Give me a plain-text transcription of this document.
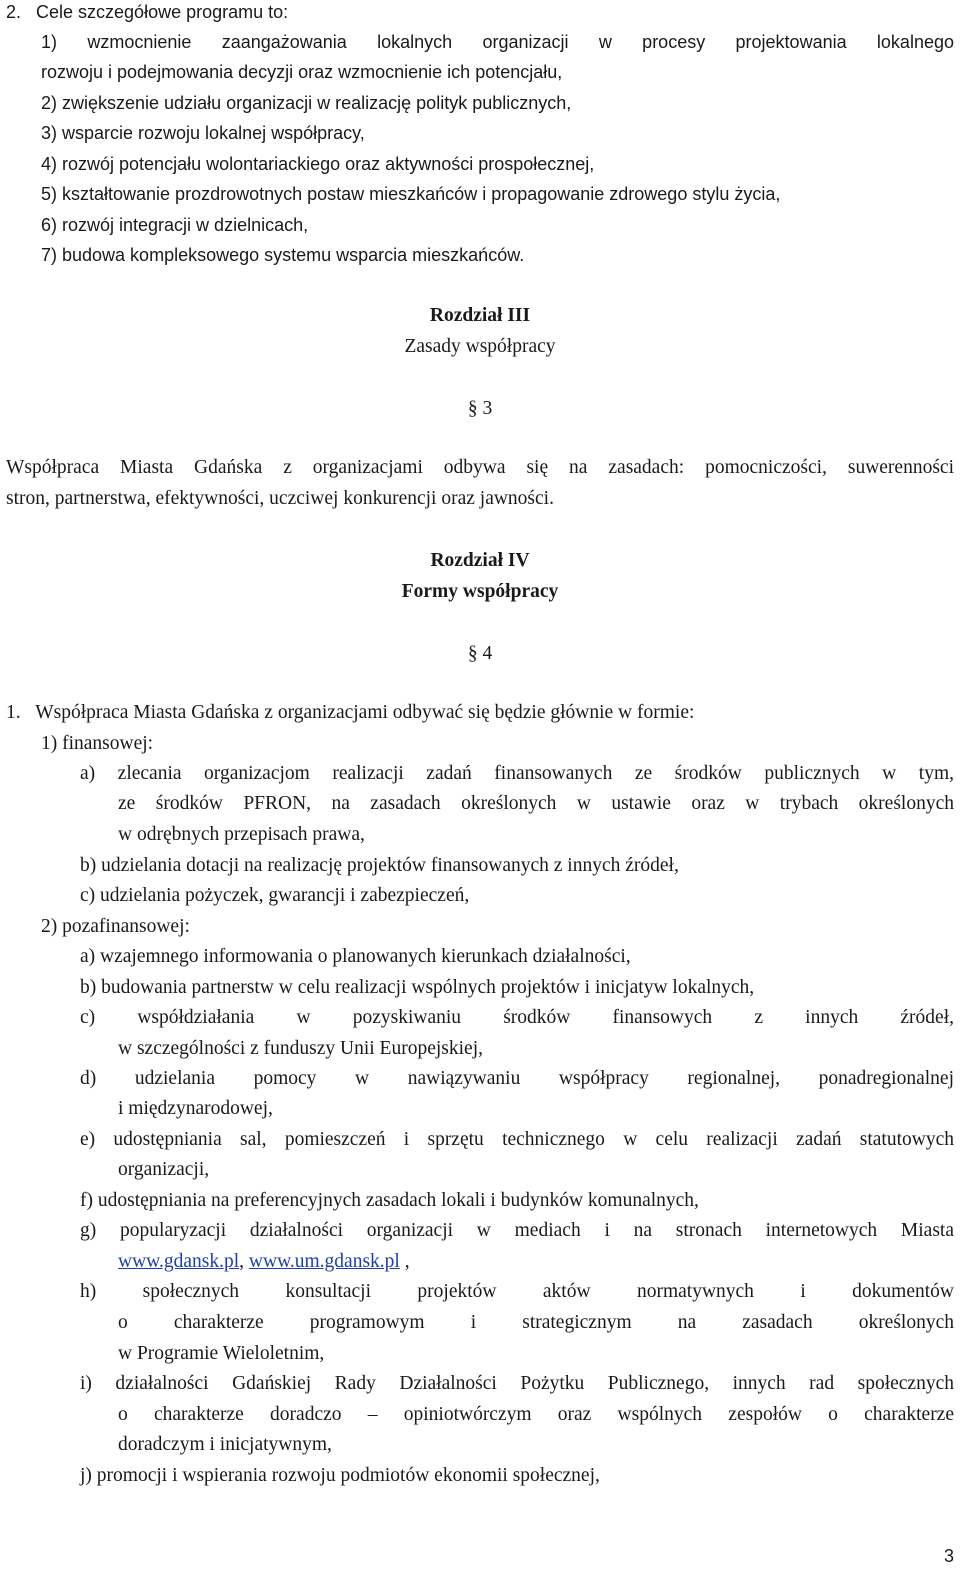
2.   Cele szczegółowe programu to:
1) wzmocnienie zaangażowania lokalnych organizacji w procesy projektowania lokalnego
rozwoju i podejmowania decyzji oraz wzmocnienie ich potencjału,
2) zwiększenie udziału organizacji w realizację polityk publicznych,
3) wsparcie rozwoju lokalnej współpracy,
4) rozwój potencjału wolontariackiego oraz aktywności prospołecznej,
5) kształtowanie prozdrowotnych postaw mieszkańców i propagowanie zdrowego stylu życia,
6) rozwój integracji w dzielnicach,
7) budowa kompleksowego systemu wsparcia mieszkańców.
Rozdział III
Zasady współpracy
§ 3
Współpraca Miasta Gdańska z organizacjami odbywa się na zasadach: pomocniczości, suwerenności
stron, partnerstwa, efektywności, uczciwej konkurencji oraz jawności.
Rozdział IV
Formy współpracy
§ 4
1.   Współpraca Miasta Gdańska z organizacjami odbywać się będzie głównie w formie:
1) finansowej:
a) zlecania organizacjom realizacji zadań finansowanych ze środków publicznych w tym,
ze środków PFRON, na zasadach określonych w ustawie oraz w trybach określonych
w odrębnych przepisach prawa,
b) udzielania dotacji na realizację projektów finansowanych z innych źródeł,
c) udzielania pożyczek, gwarancji i zabezpieczeń,
2) pozafinansowej:
a) wzajemnego informowania o planowanych kierunkach działalności,
b) budowania partnerstw w celu realizacji wspólnych projektów i inicjatyw lokalnych,
c) współdziałania w pozyskiwaniu środków finansowych z innych źródeł,
w szczególności z funduszy Unii Europejskiej,
d) udzielania pomocy w nawiązywaniu współpracy regionalnej, ponadregionalnej
i międzynarodowej,
e) udostępniania sal, pomieszczeń i sprzętu technicznego w celu realizacji zadań statutowych
organizacji,
f) udostępniania na preferencyjnych zasadach lokali i budynków komunalnych,
g) popularyzacji działalności organizacji w mediach i na stronach internetowych Miasta
www.gdansk.pl, www.um.gdansk.pl ,
h) społecznych konsultacji projektów aktów normatywnych i dokumentów
o charakterze programowym i strategicznym na zasadach określonych
w Programie Wieloletnim,
i) działalności Gdańskiej Rady Działalności Pożytku Publicznego, innych rad społecznych
o charakterze doradczo – opiniotwórczym oraz wspólnych zespołów o charakterze
doradczym i inicjatywnym,
j) promocji i wspierania rozwoju podmiotów ekonomii społecznej,
3
